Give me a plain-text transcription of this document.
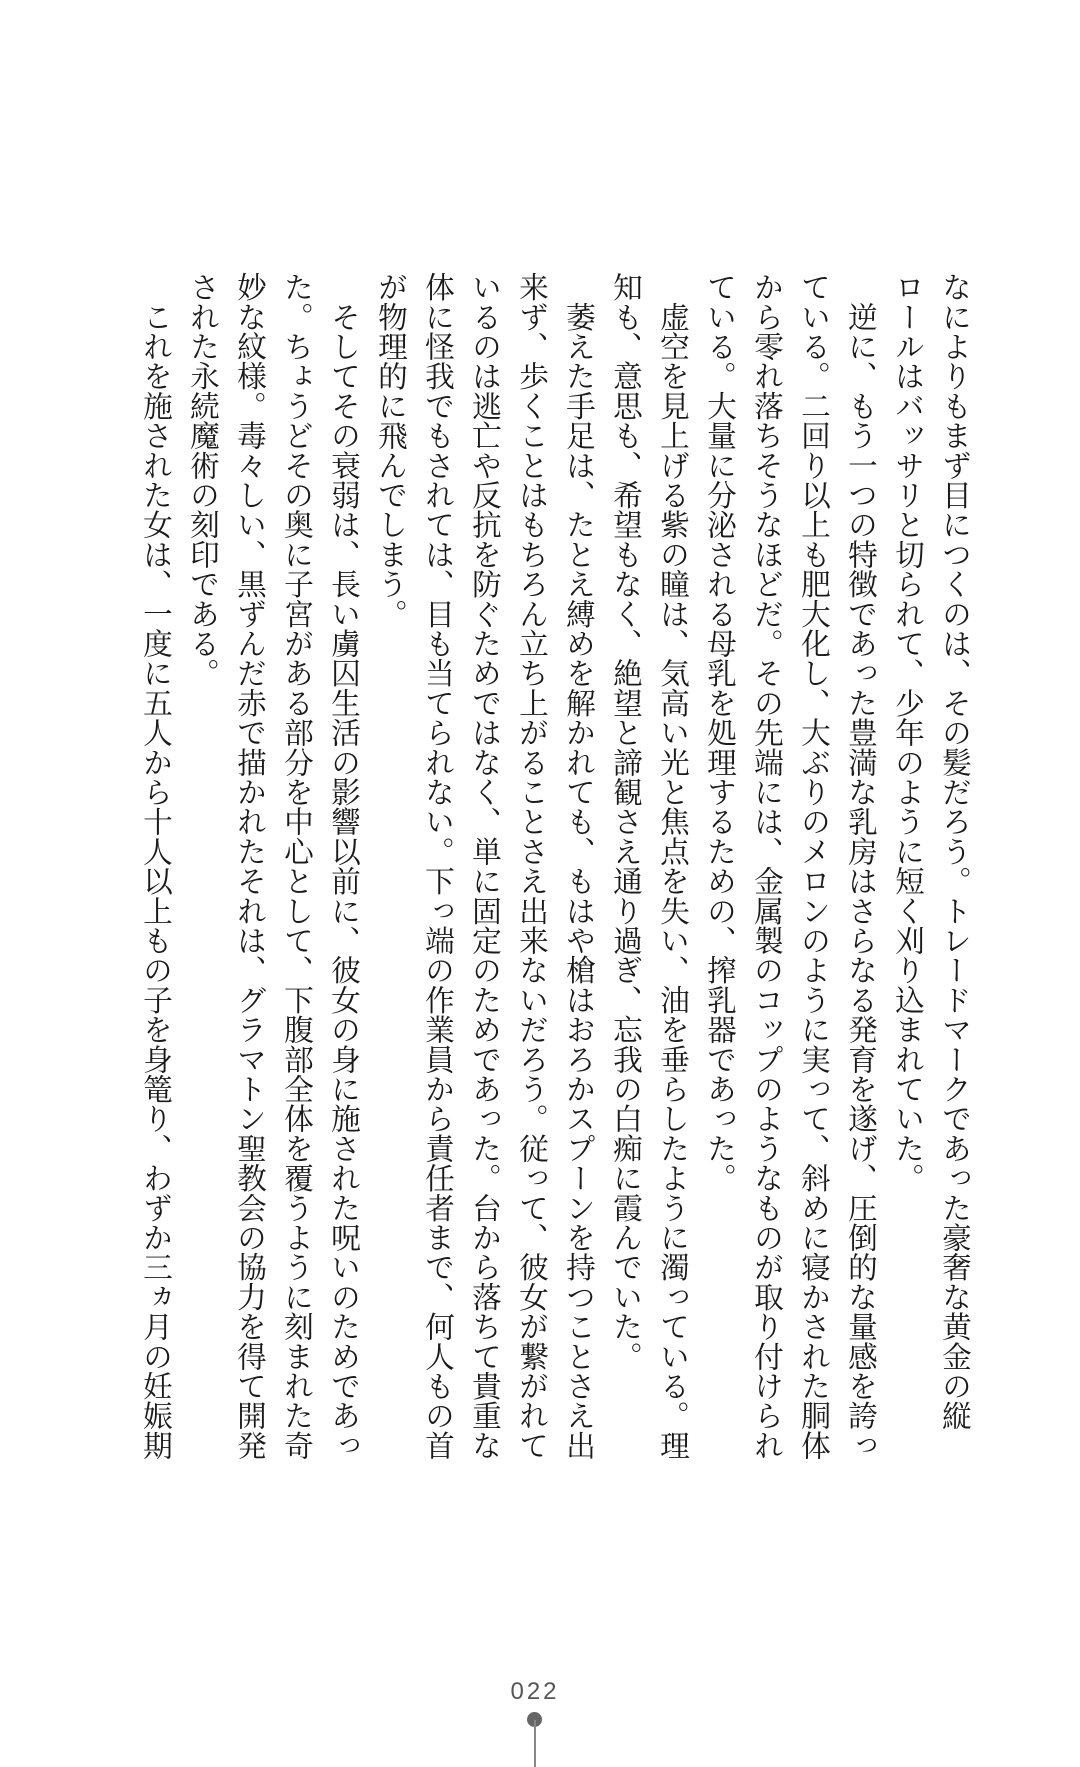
なによりもまず目につくのは、その髪だろう。トレードマークであった豪奢な黄金の縦
ロールはバッサリと切られて、少年のように短く刈り込まれていた。
　逆に、もう一つの特徴であった豊満な乳房はさらなる発育を遂げ、圧倒的な量感を誇っ
ている。二回り以上も肥大化し、大ぶりのメロンのように実って、斜めに寝かされた胴体
から零れ落ちそうなほどだ。その先端には、金属製のコップのようなものが取り付けられ
ている。大量に分泌される母乳を処理するための、搾乳器であった。
　虚空を見上げる紫の瞳は、気高い光と焦点を失い、油を垂らしたように濁っている。理
知も、意思も、希望もなく、絶望と諦観さえ通り過ぎ、忘我の白痴に霞んでいた。
　萎えた手足は、たとえ縛めを解かれても、もはや槍はおろかスプーンを持つことさえ出
来ず、歩くことはもちろん立ち上がることさえ出来ないだろう。従って、彼女が繋がれて
いるのは逃亡や反抗を防ぐためではなく、単に固定のためであった。台から落ちて貴重な
体に怪我でもされては、目も当てられない。下っ端の作業員から責任者まで、何人もの首
が物理的に飛んでしまう。
　そしてその衰弱は、長い虜囚生活の影響以前に、彼女の身に施された呪いのためであっ
た。ちょうどその奥に子宮がある部分を中心として、下腹部全体を覆うように刻まれた奇
妙な紋様。毒々しい、黒ずんだ赤で描かれたそれは、グラマトン聖教会の協力を得て開発
された永続魔術の刻印である。
　これを施された女は、一度に五人から十人以上もの子を身篭り、わずか三ヵ月の妊娠期
022
